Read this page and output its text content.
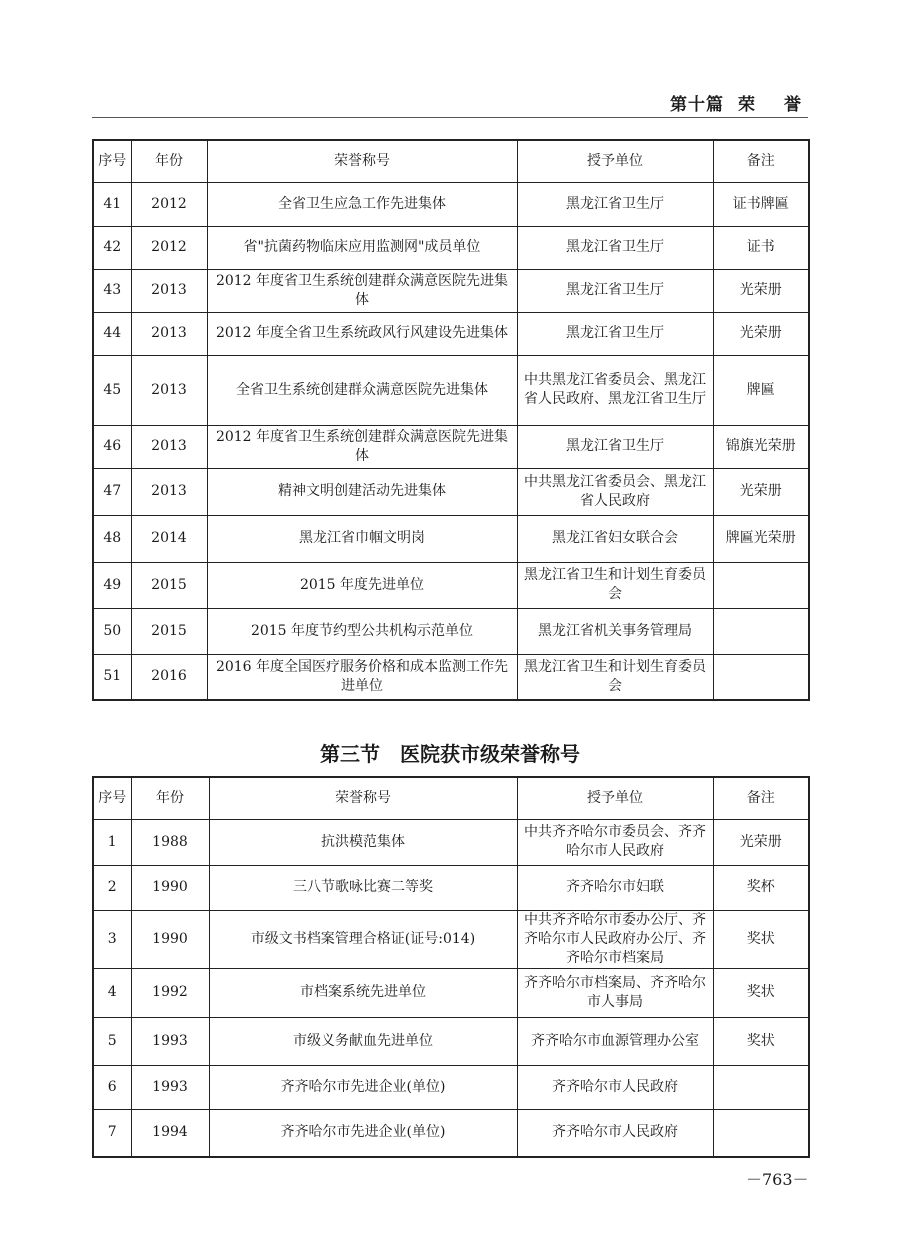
第十篇 荣 誉
序号	年份	荣誉称号	授予单位	备注
41	2012	全省卫生应急工作先进集体	黑龙江省卫生厅	证书牌匾
42	2012	省"抗菌药物临床应用监测网"成员单位	黑龙江省卫生厅	证书
43	2013	2012 年度省卫生系统创建群众满意医院先进集体	黑龙江省卫生厅	光荣册
44	2013	2012 年度全省卫生系统政风行风建设先进集体	黑龙江省卫生厅	光荣册
45	2013	全省卫生系统创建群众满意医院先进集体	中共黑龙江省委员会、黑龙江省人民政府、黑龙江省卫生厅	牌匾
46	2013	2012 年度省卫生系统创建群众满意医院先进集体	黑龙江省卫生厅	锦旗光荣册
47	2013	精神文明创建活动先进集体	中共黑龙江省委员会、黑龙江省人民政府	光荣册
48	2014	黑龙江省巾帼文明岗	黑龙江省妇女联合会	牌匾光荣册
49	2015	2015 年度先进单位	黑龙江省卫生和计划生育委员会	
50	2015	2015 年度节约型公共机构示范单位	黑龙江省机关事务管理局	
51	2016	2016 年度全国医疗服务价格和成本监测工作先进单位	黑龙江省卫生和计划生育委员会	
第三节　医院获市级荣誉称号
序号	年份	荣誉称号	授予单位	备注
1	1988	抗洪模范集体	中共齐齐哈尔市委员会、齐齐哈尔市人民政府	光荣册
2	1990	三八节歌咏比赛二等奖	齐齐哈尔市妇联	奖杯
3	1990	市级文书档案管理合格证(证号:014)	中共齐齐哈尔市委办公厅、齐齐哈尔市人民政府办公厅、齐齐哈尔市档案局	奖状
4	1992	市档案系统先进单位	齐齐哈尔市档案局、齐齐哈尔市人事局	奖状
5	1993	市级义务献血先进单位	齐齐哈尔市血源管理办公室	奖状
6	1993	齐齐哈尔市先进企业(单位)	齐齐哈尔市人民政府	
7	1994	齐齐哈尔市先进企业(单位)	齐齐哈尔市人民政府	
－763－
